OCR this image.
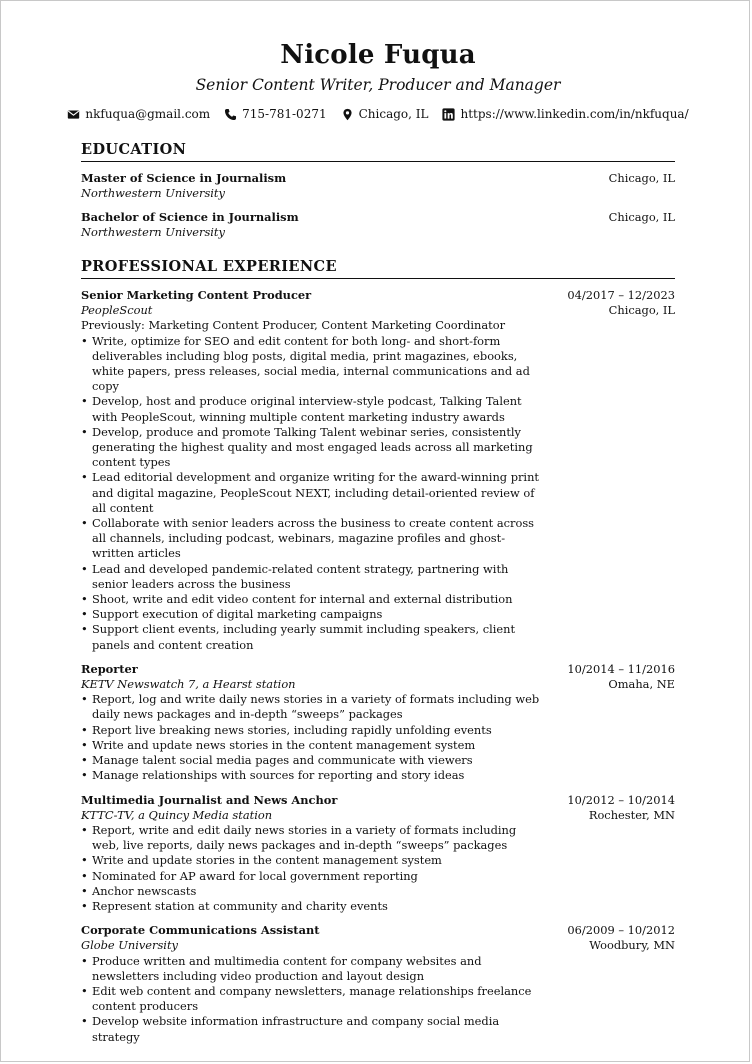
Nicole Fuqua
Senior Content Writer, Producer and Manager
nkfuqua@gmail.com	715-781-0271	Chicago, IL	https://www.linkedin.com/in/nkfuqua/
EDUCATION
Master of Science in Journalism
Northwestern University
Chicago, IL
Bachelor of Science in Journalism
Northwestern University
Chicago, IL
PROFESSIONAL EXPERIENCE
Senior Marketing Content Producer
PeopleScout
04/2017 – 12/2023
Chicago, IL
Previously: Marketing Content Producer, Content Marketing Coordinator
• Write, optimize for SEO and edit content for both long- and short-form deliverables including blog posts, digital media, print magazines, ebooks, white papers, press releases, social media, internal communications and ad copy
• Develop, host and produce original interview-style podcast, Talking Talent with PeopleScout, winning multiple content marketing industry awards
• Develop, produce and promote Talking Talent webinar series, consistently generating the highest quality and most engaged leads across all marketing content types
• Lead editorial development and organize writing for the award-winning print and digital magazine, PeopleScout NEXT, including detail-oriented review of all content
• Collaborate with senior leaders across the business to create content across all channels, including podcast, webinars, magazine profiles and ghost-written articles
• Lead and developed pandemic-related content strategy, partnering with senior leaders across the business
• Shoot, write and edit video content for internal and external distribution
• Support execution of digital marketing campaigns
• Support client events, including yearly summit including speakers, client panels and content creation
Reporter
KETV Newswatch 7, a Hearst station
10/2014 – 11/2016
Omaha, NE
• Report, log and write daily news stories in a variety of formats including web daily news packages and in-depth “sweeps” packages
• Report live breaking news stories, including rapidly unfolding events
• Write and update news stories in the content management system
• Manage talent social media pages and communicate with viewers
• Manage relationships with sources for reporting and story ideas
Multimedia Journalist and News Anchor
KTTC-TV, a Quincy Media station
10/2012 – 10/2014
Rochester, MN
• Report, write and edit daily news stories in a variety of formats including web, live reports, daily news packages and in-depth “sweeps” packages
• Write and update stories in the content management system
• Nominated for AP award for local government reporting
• Anchor newscasts
• Represent station at community and charity events
Corporate Communications Assistant
Globe University
06/2009 – 10/2012
Woodbury, MN
• Produce written and multimedia content for company websites and newsletters including video production and layout design
• Edit web content and company newsletters, manage relationships freelance content producers
• Develop website information infrastructure and company social media strategy
